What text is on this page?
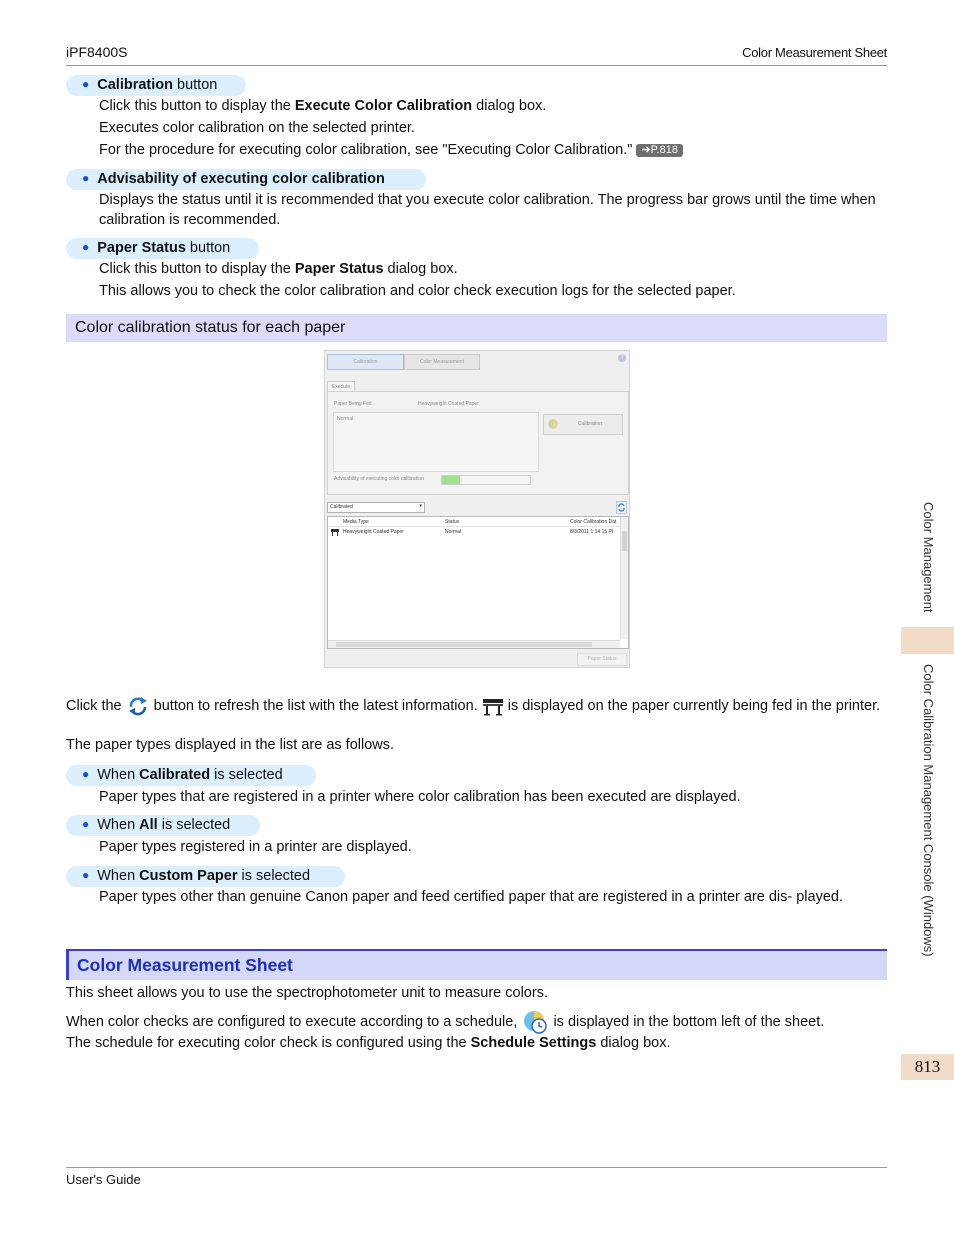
iPF8400S	Color Measurement Sheet
● Calibration button
Click this button to display the Execute Color Calibration dialog box.
Executes color calibration on the selected printer.
For the procedure for executing color calibration, see "Executing Color Calibration." ➔P.818
● Advisability of executing color calibration
Displays the status until it is recommended that you execute color calibration. The progress bar grows until the time when calibration is recommended.
● Paper Status button
Click this button to display the Paper Status dialog box.
This allows you to check the color calibration and color check execution logs for the selected paper.
Color calibration status for each paper
Calibration	Color Measurement
?
Execute
Paper Being Fed	Heavyweight Coated Paper
Normal
Calibration
Advisability of executing color calibration
Calibrated	▾
Media Type	Status	Color Calibration Dat
Heavyweight Coated Paper	Normal	8/3/2011 1:14:15 PI
Paper Status
Click the  button to refresh the list with the latest information.  is displayed on the paper currently being fed in the printer.
The paper types displayed in the list are as follows.
● When Calibrated is selected
Paper types that are registered in a printer where color calibration has been executed are displayed.
● When All is selected
Paper types registered in a printer are displayed.
● When Custom Paper is selected
Paper types other than genuine Canon paper and feed certified paper that are registered in a printer are dis- played.
Color Measurement Sheet
This sheet allows you to use the spectrophotometer unit to measure colors.
When color checks are configured to execute according to a schedule,  is displayed in the bottom left of the sheet.
The schedule for executing color check is configured using the Schedule Settings dialog box.
User's Guide
Color Management
Color Calibration Management Console (Windows)
813
